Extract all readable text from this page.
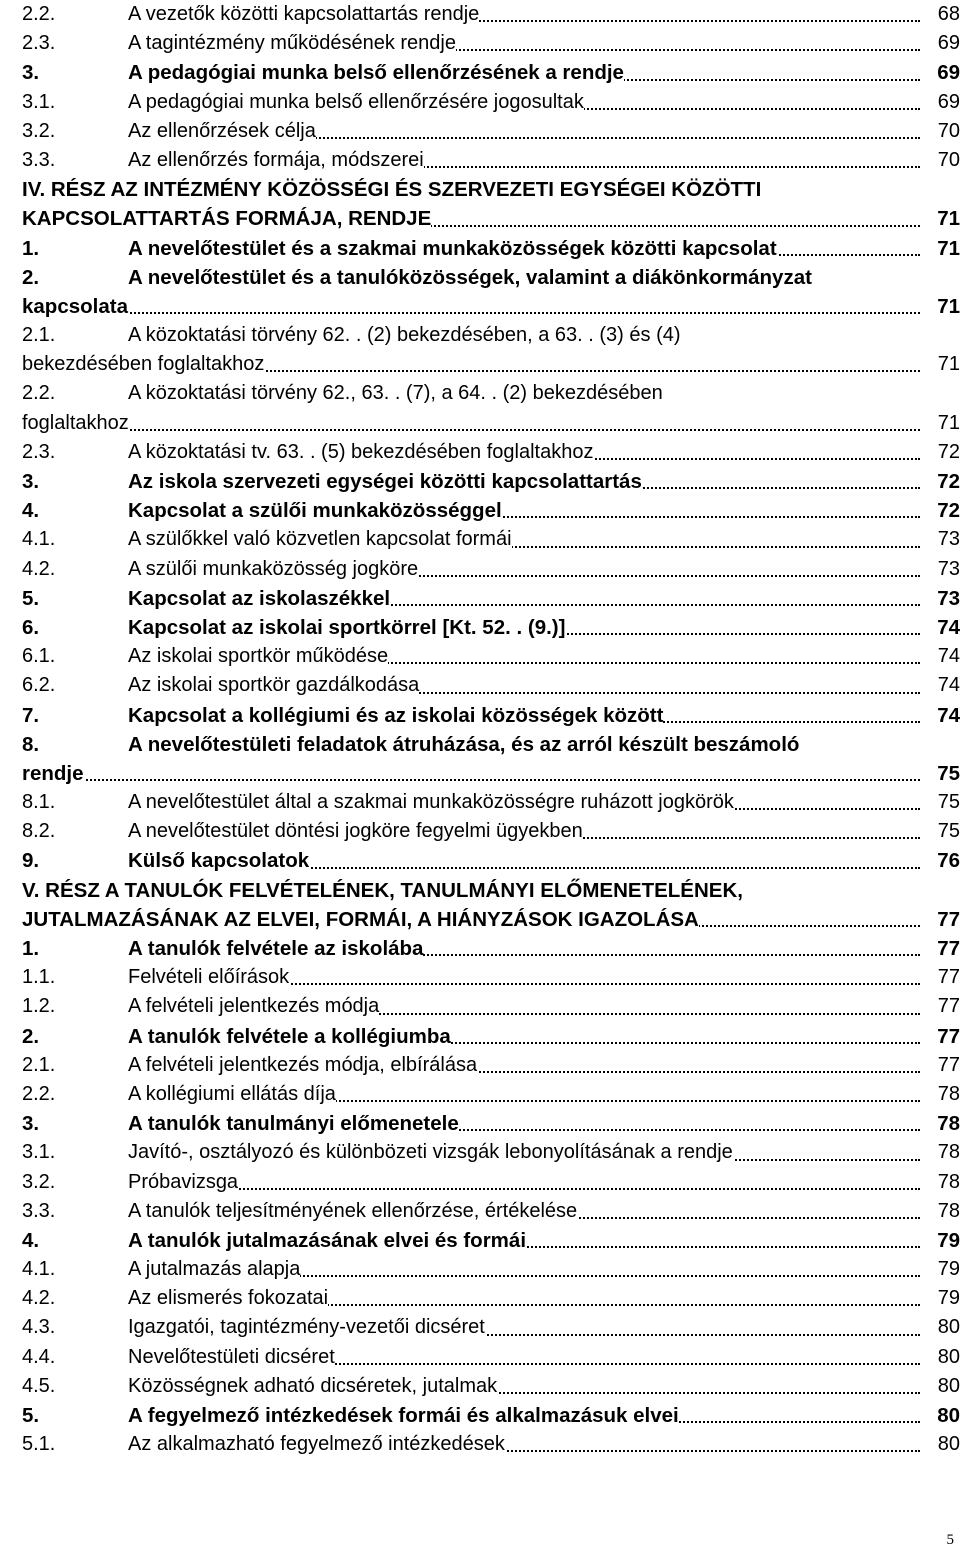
2.2.	A vezetők közötti kapcsolattartás rendje	68
2.3.	A tagintézmény működésének rendje	69
3.	A pedagógiai munka belső ellenőrzésének a rendje	69
3.1.	A pedagógiai munka belső ellenőrzésére jogosultak	69
3.2.	Az ellenőrzések célja	70
3.3.	Az ellenőrzés formája, módszerei	70
IV. RÉSZ AZ INTÉZMÉNY KÖZÖSSÉGI ÉS SZERVEZETI EGYSÉGEI KÖZÖTTI
KAPCSOLATTARTÁS FORMÁJA, RENDJE	71
1.	A nevelőtestület és a szakmai munkaközösségek közötti kapcsolat	71
2.	A nevelőtestület és a tanulóközösségek, valamint a diákönkormányzat
kapcsolata	71
2.1.	A közoktatási törvény 62. . (2) bekezdésében, a 63. . (3) és (4)
bekezdésében foglaltakhoz	71
2.2.	A közoktatási törvény 62., 63. . (7), a 64. . (2) bekezdésében
foglaltakhoz	71
2.3.	A közoktatási tv. 63. . (5) bekezdésében foglaltakhoz	72
3.	Az iskola szervezeti egységei közötti kapcsolattartás	72
4.	Kapcsolat a szülői munkaközösséggel	72
4.1.	A szülőkkel való közvetlen kapcsolat formái	73
4.2.	A szülői munkaközösség jogköre	73
5.	Kapcsolat az iskolaszékkel	73
6.	Kapcsolat az iskolai sportkörrel [Kt. 52. . (9.)]	74
6.1.	Az iskolai sportkör működése	74
6.2.	Az iskolai sportkör gazdálkodása	74
7.	Kapcsolat a kollégiumi és az iskolai közösségek között	74
8.	A nevelőtestületi feladatok átruházása, és az arról készült beszámoló
rendje	75
8.1.	A nevelőtestület által a szakmai munkaközösségre ruházott jogkörök	75
8.2.	A nevelőtestület döntési jogköre fegyelmi ügyekben	75
9.	Külső kapcsolatok	76
V. RÉSZ A TANULÓK FELVÉTELÉNEK, TANULMÁNYI ELŐMENETELÉNEK,
JUTALMAZÁSÁNAK AZ ELVEI, FORMÁI, A HIÁNYZÁSOK IGAZOLÁSA	77
1.	A tanulók felvétele az iskolába	77
1.1.	Felvételi előírások	77
1.2.	A felvételi jelentkezés módja	77
2.	A tanulók felvétele a kollégiumba	77
2.1.	A felvételi jelentkezés módja, elbírálása	77
2.2.	A kollégiumi ellátás díja	78
3.	A tanulók tanulmányi előmenetele	78
3.1.	Javító-, osztályozó és különbözeti vizsgák lebonyolításának a rendje	78
3.2.	Próbavizsga	78
3.3.	A tanulók teljesítményének ellenőrzése, értékelése	78
4.	A tanulók jutalmazásának elvei és formái	79
4.1.	A jutalmazás alapja	79
4.2.	Az elismerés fokozatai	79
4.3.	Igazgatói, tagintézmény-vezetői dicséret	80
4.4.	Nevelőtestületi dicséret	80
4.5.	Közösségnek adható dicséretek, jutalmak	80
5.	A fegyelmező intézkedések formái és alkalmazásuk elvei	80
5.1.	Az alkalmazható fegyelmező intézkedések	80
5
